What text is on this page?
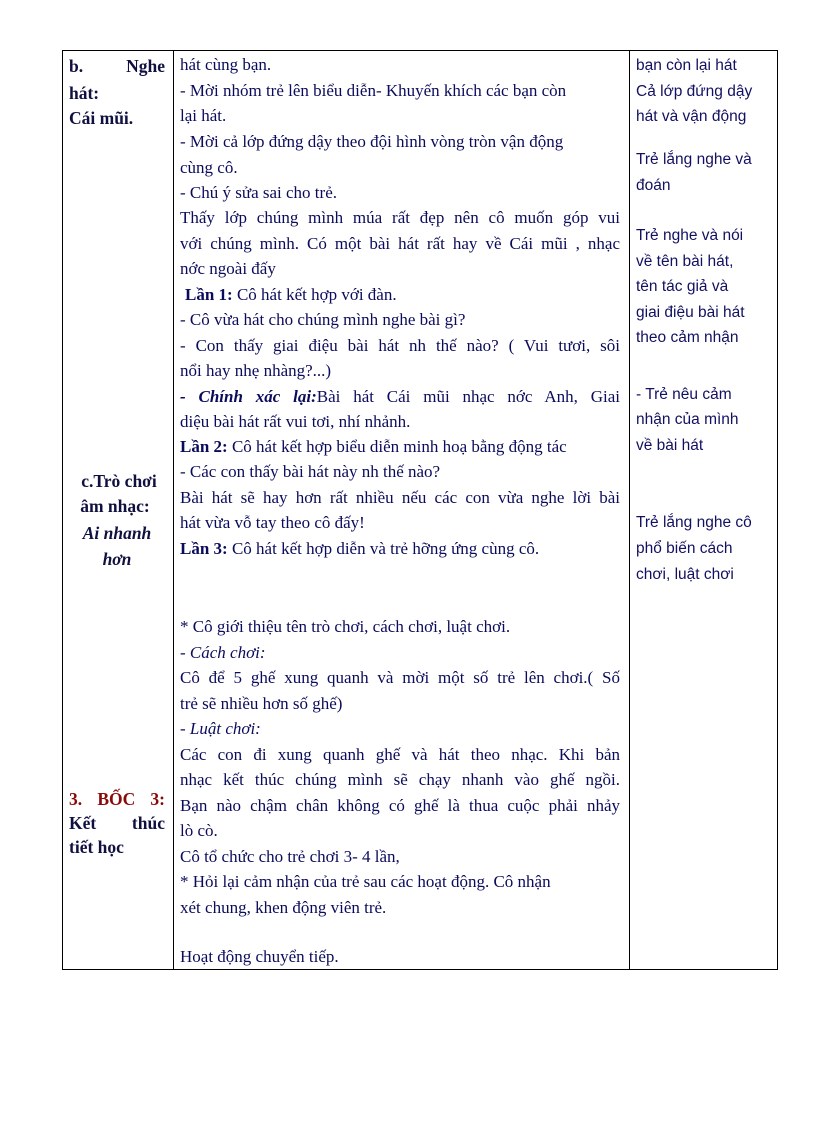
b. Nghe
hát:
Cái mũi.
c.Trò chơi
âm nhạc:
Ai nhanh
hơn
3. BỐC 3:
Kết thúc
tiết học
hát cùng bạn.
- Mời nhóm trẻ lên biểu diễn- Khuyến khích các bạn còn
lại hát.
- Mời cả lớp đứng dậy theo đội hình vòng tròn vận động
cùng cô.
- Chú ý sửa sai cho trẻ.
Thấy lớp chúng mình múa rất đẹp nên cô muốn góp vui
với chúng mình. Có một bài hát rất hay về Cái mũi , nhạc
nớc ngoài đấy
Lần 1: Cô hát kết hợp với đàn.
- Cô vừa hát cho chúng mình nghe bài gì?
- Con thấy giai điệu bài hát nh thế nào? ( Vui tươi, sôi
nổi hay nhẹ nhàng?...)
- Chính xác lại:Bài hát Cái mũi nhạc nớc Anh, Giai
diệu bài hát rất vui tơi, nhí nhảnh.
Lần 2: Cô hát kết hợp biểu diễn minh hoạ bằng động tác
- Các con thấy bài hát này nh thế nào?
Bài hát sẽ hay hơn rất nhiều nếu các con vừa nghe lời bài
hát vừa vỗ tay theo cô đấy!
Lần 3: Cô hát kết hợp diễn và trẻ hỡng ứng cùng cô.
* Cô giới thiệu tên trò chơi, cách chơi, luật chơi.
- Cách chơi:
Cô để 5 ghế xung quanh và mời một số trẻ lên chơi.( Số
trẻ sẽ nhiều hơn số ghế)
- Luật chơi:
Các con đi xung quanh ghế và hát theo nhạc. Khi bản
nhạc kết thúc chúng mình sẽ chạy nhanh vào ghế ngồi.
Bạn nào chậm chân không có ghế là thua cuộc phải nhảy
lò cò.
Cô tổ chức cho trẻ chơi 3- 4 lần,
* Hỏi lại cảm nhận của trẻ sau các hoạt động. Cô nhận
xét chung, khen động viên trẻ.
Hoạt động chuyển tiếp.
bạn còn lại hát
Cả lớp đứng dậy
hát và vận động
Trẻ lắng nghe và
đoán
Trẻ nghe và nói
về tên bài hát,
tên tác giả và
giai điệu bài hát
theo cảm nhận
- Trẻ nêu cảm
nhận của mình
về bài hát
Trẻ lắng nghe cô
phổ biến cách
chơi, luật chơi
